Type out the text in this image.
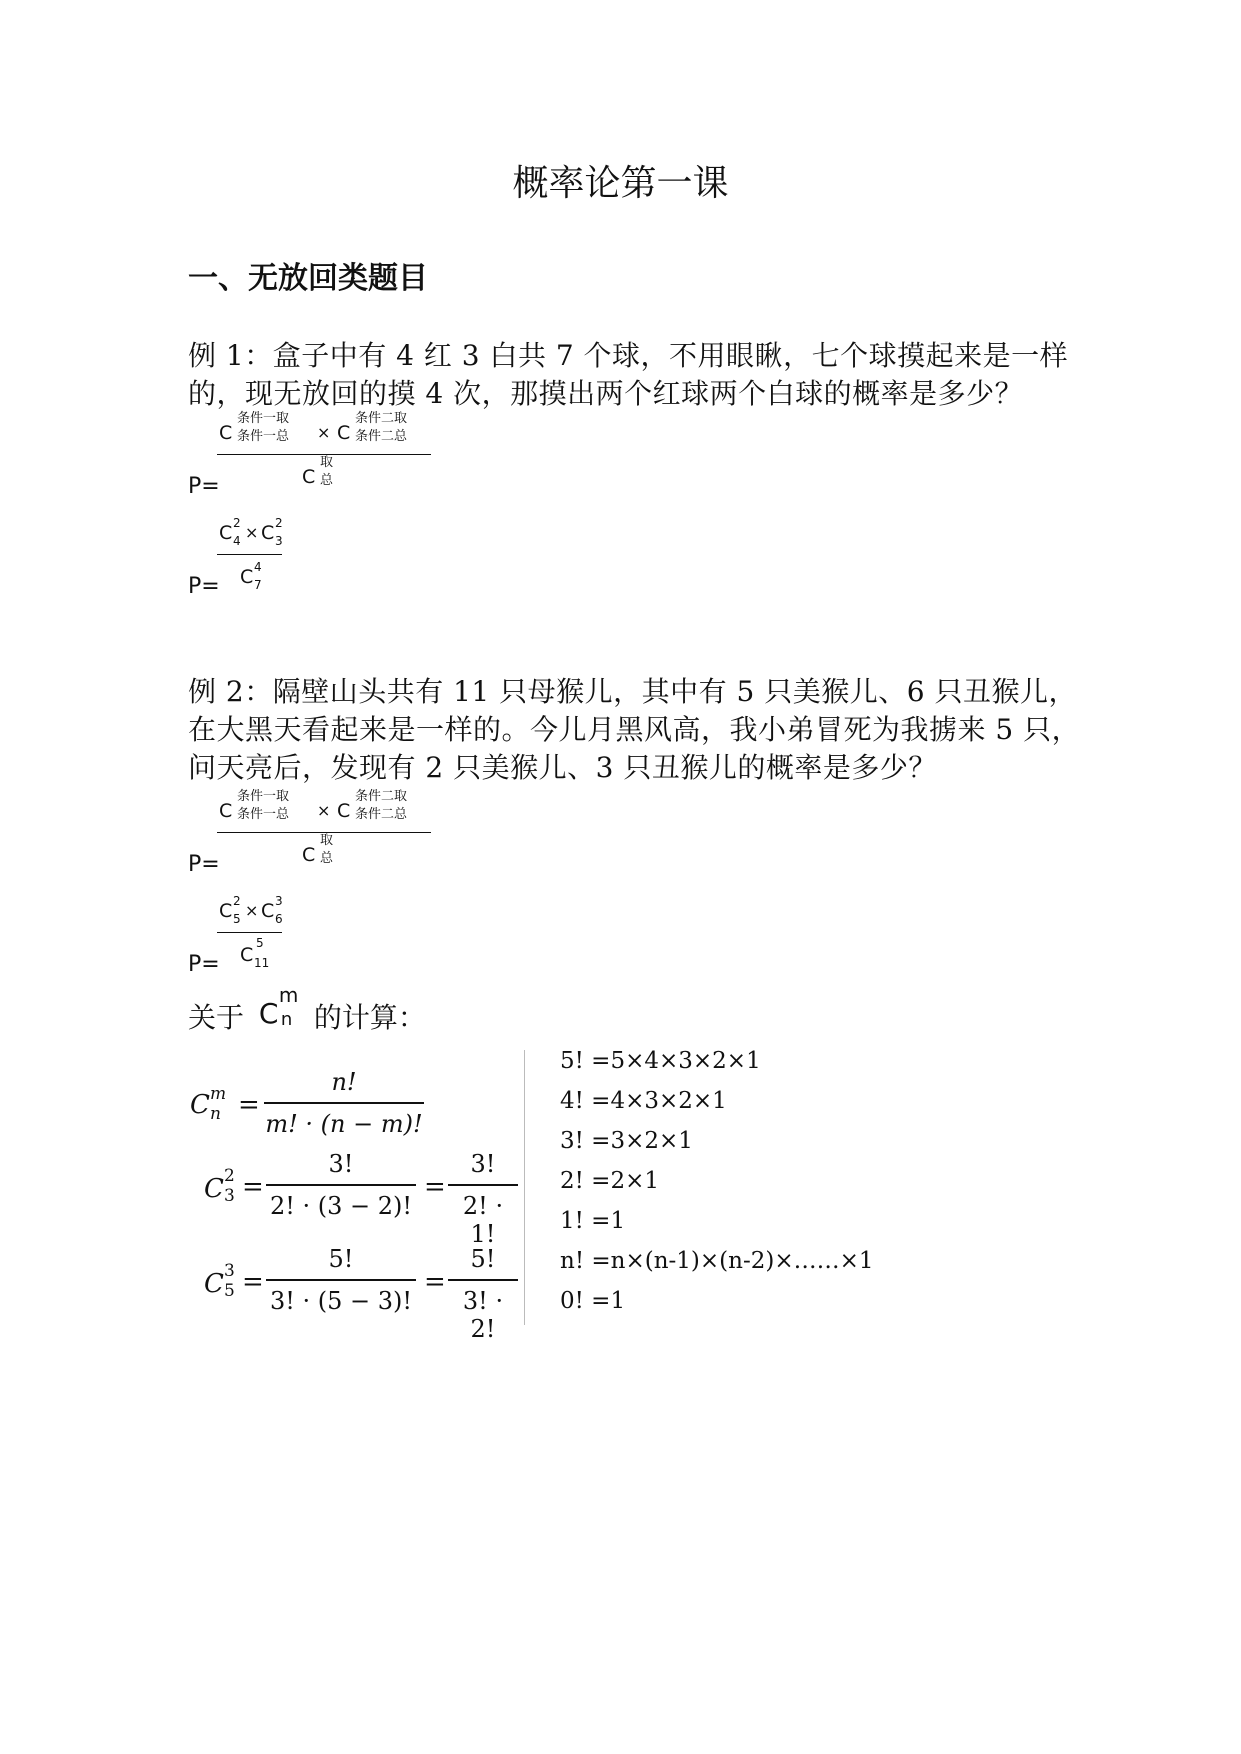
概率论第一课
一、无放回类题目
例 1：盒子中有 4 红 3 白共 7 个球，不用眼瞅，七个球摸起来是一样
的，现无放回的摸 4 次，那摸出两个红球两个白球的概率是多少？
C
条件一取
条件一总 × C
条件二取
条件二总
C
取
总
P=
C 2
4 × C 2
3
C 4
7
P=
例 2：隔壁山头共有 11 只母猴儿，其中有 5 只美猴儿、6 只丑猴儿，
在大黑天看起来是一样的。今儿月黑风高，我小弟冒死为我掳来 5 只，
问天亮后，发现有 2 只美猴儿、3 只丑猴儿的概率是多少？
C
条件一取
条件一总 × C
条件二取
条件二总
C
取
总
P=
C 2
5 × C 3
6
C
5
11
P=
关于 C
m
n 的计算：
C m
n =
n!
m! · (n − m)!
C 2
3 =
3!
2! · (3 − 2)!
=
3!
2! · 1!
C 3
5 =
5!
3! · (5 − 3)!
=
5!
3! · 2!
5! =5×4×3×2×1
4! =4×3×2×1
3! =3×2×1
2! =2×1
1! =1
n! =n×(n-1)×(n-2)×……×1
0! =1
